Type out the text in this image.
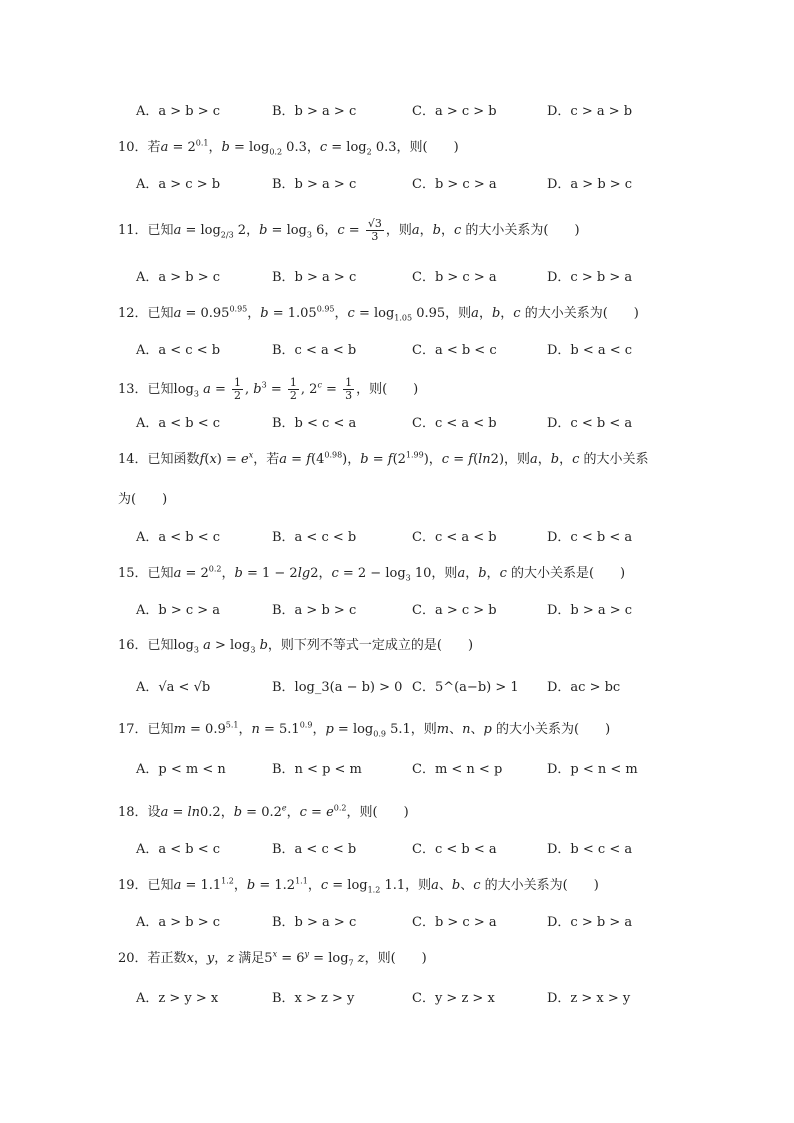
A．a > b > c	B．b > a > c	C．a > c > b	D．c > a > b
10．若$a = 2^{0.1}$，$b = \log_{0.2} 0.3$，$c = \log_2 0.3$，则(　　)
A．a > c > b	B．b > a > c	C．b > c > a	D．a > b > c
11．已知$a = \log_{2/3} 2$，$b = \log_3 6$，$c = \frac{√3}{3}$ ，则a，b，c 的大小关系为(　　)
A．a > b > c	B．b > a > c	C．b > c > a	D．c > b > a
12．已知$a = 0.95^{0.95}$，$b = 1.05^{0.95}$，$c = \log_{1.05} 0.95$，则a，b，c 的大小关系为(　　)
A．a < c < b	B．c < a < b	C．a < b < c	D．b < a < c
13．已知$\log_3 a = \frac{1}{2}$ , $b^3 = \frac{1}{2}$ , $2^c = \frac{1}{3}$ ，则(　　)
A．a < b < c	B．b < c < a	C．c < a < b	D．c < b < a
14．已知函数$f(x) = e^x$，若$a = f(4^{0.98})$，$b = f(2^{1.99})$，c = f(ln2)，则a，b，c 的大小关系
为(　　)
A．a < b < c	B．a < c < b	C．c < a < b	D．c < b < a
15．已知$a = 2^{0.2}$，b = 1 − 2lg2，$c = 2 - \log_3 10$，则a，b，c 的大小关系是(　　)
A．b > c > a	B．a > b > c	C．a > c > b	D．b > a > c
16．已知$\log_3 a > \log_3 b$，则下列不等式一定成立的是(　　)
A．√a < √b	B．log_3(a − b) > 0 C．5^(a−b) > 1 D．ac > bc
17．已知$m = 0.9^{5.1}$，$n = 5.1^{0.9}$，$p = \log_{0.9} 5.1$，则m、n、p 的大小关系为(　　)
A．p < m < n	B．n < p < m	C．m < n < p	D．p < n < m
18．设a = ln0.2，b = 0.2$^e$，$c = e^{0.2}$，则(　　)
A．a < b < c	B．a < c < b	C．c < b < a	D．b < c < a
19．已知$a = 1.1^{1.2}$，$b = 1.2^{1.1}$，$c = \log_{1.2} 1.1$，则a、b、c 的大小关系为(　　)
A．a > b > c	B．b > a > c	C．b > c > a	D．c > b > a
20．若正数x，y，z 满足$5^x = 6^y = \log_7 z$，则(　　)
A．z > y > x	B．x > z > y	C．y > z > x	D．z > x > y
